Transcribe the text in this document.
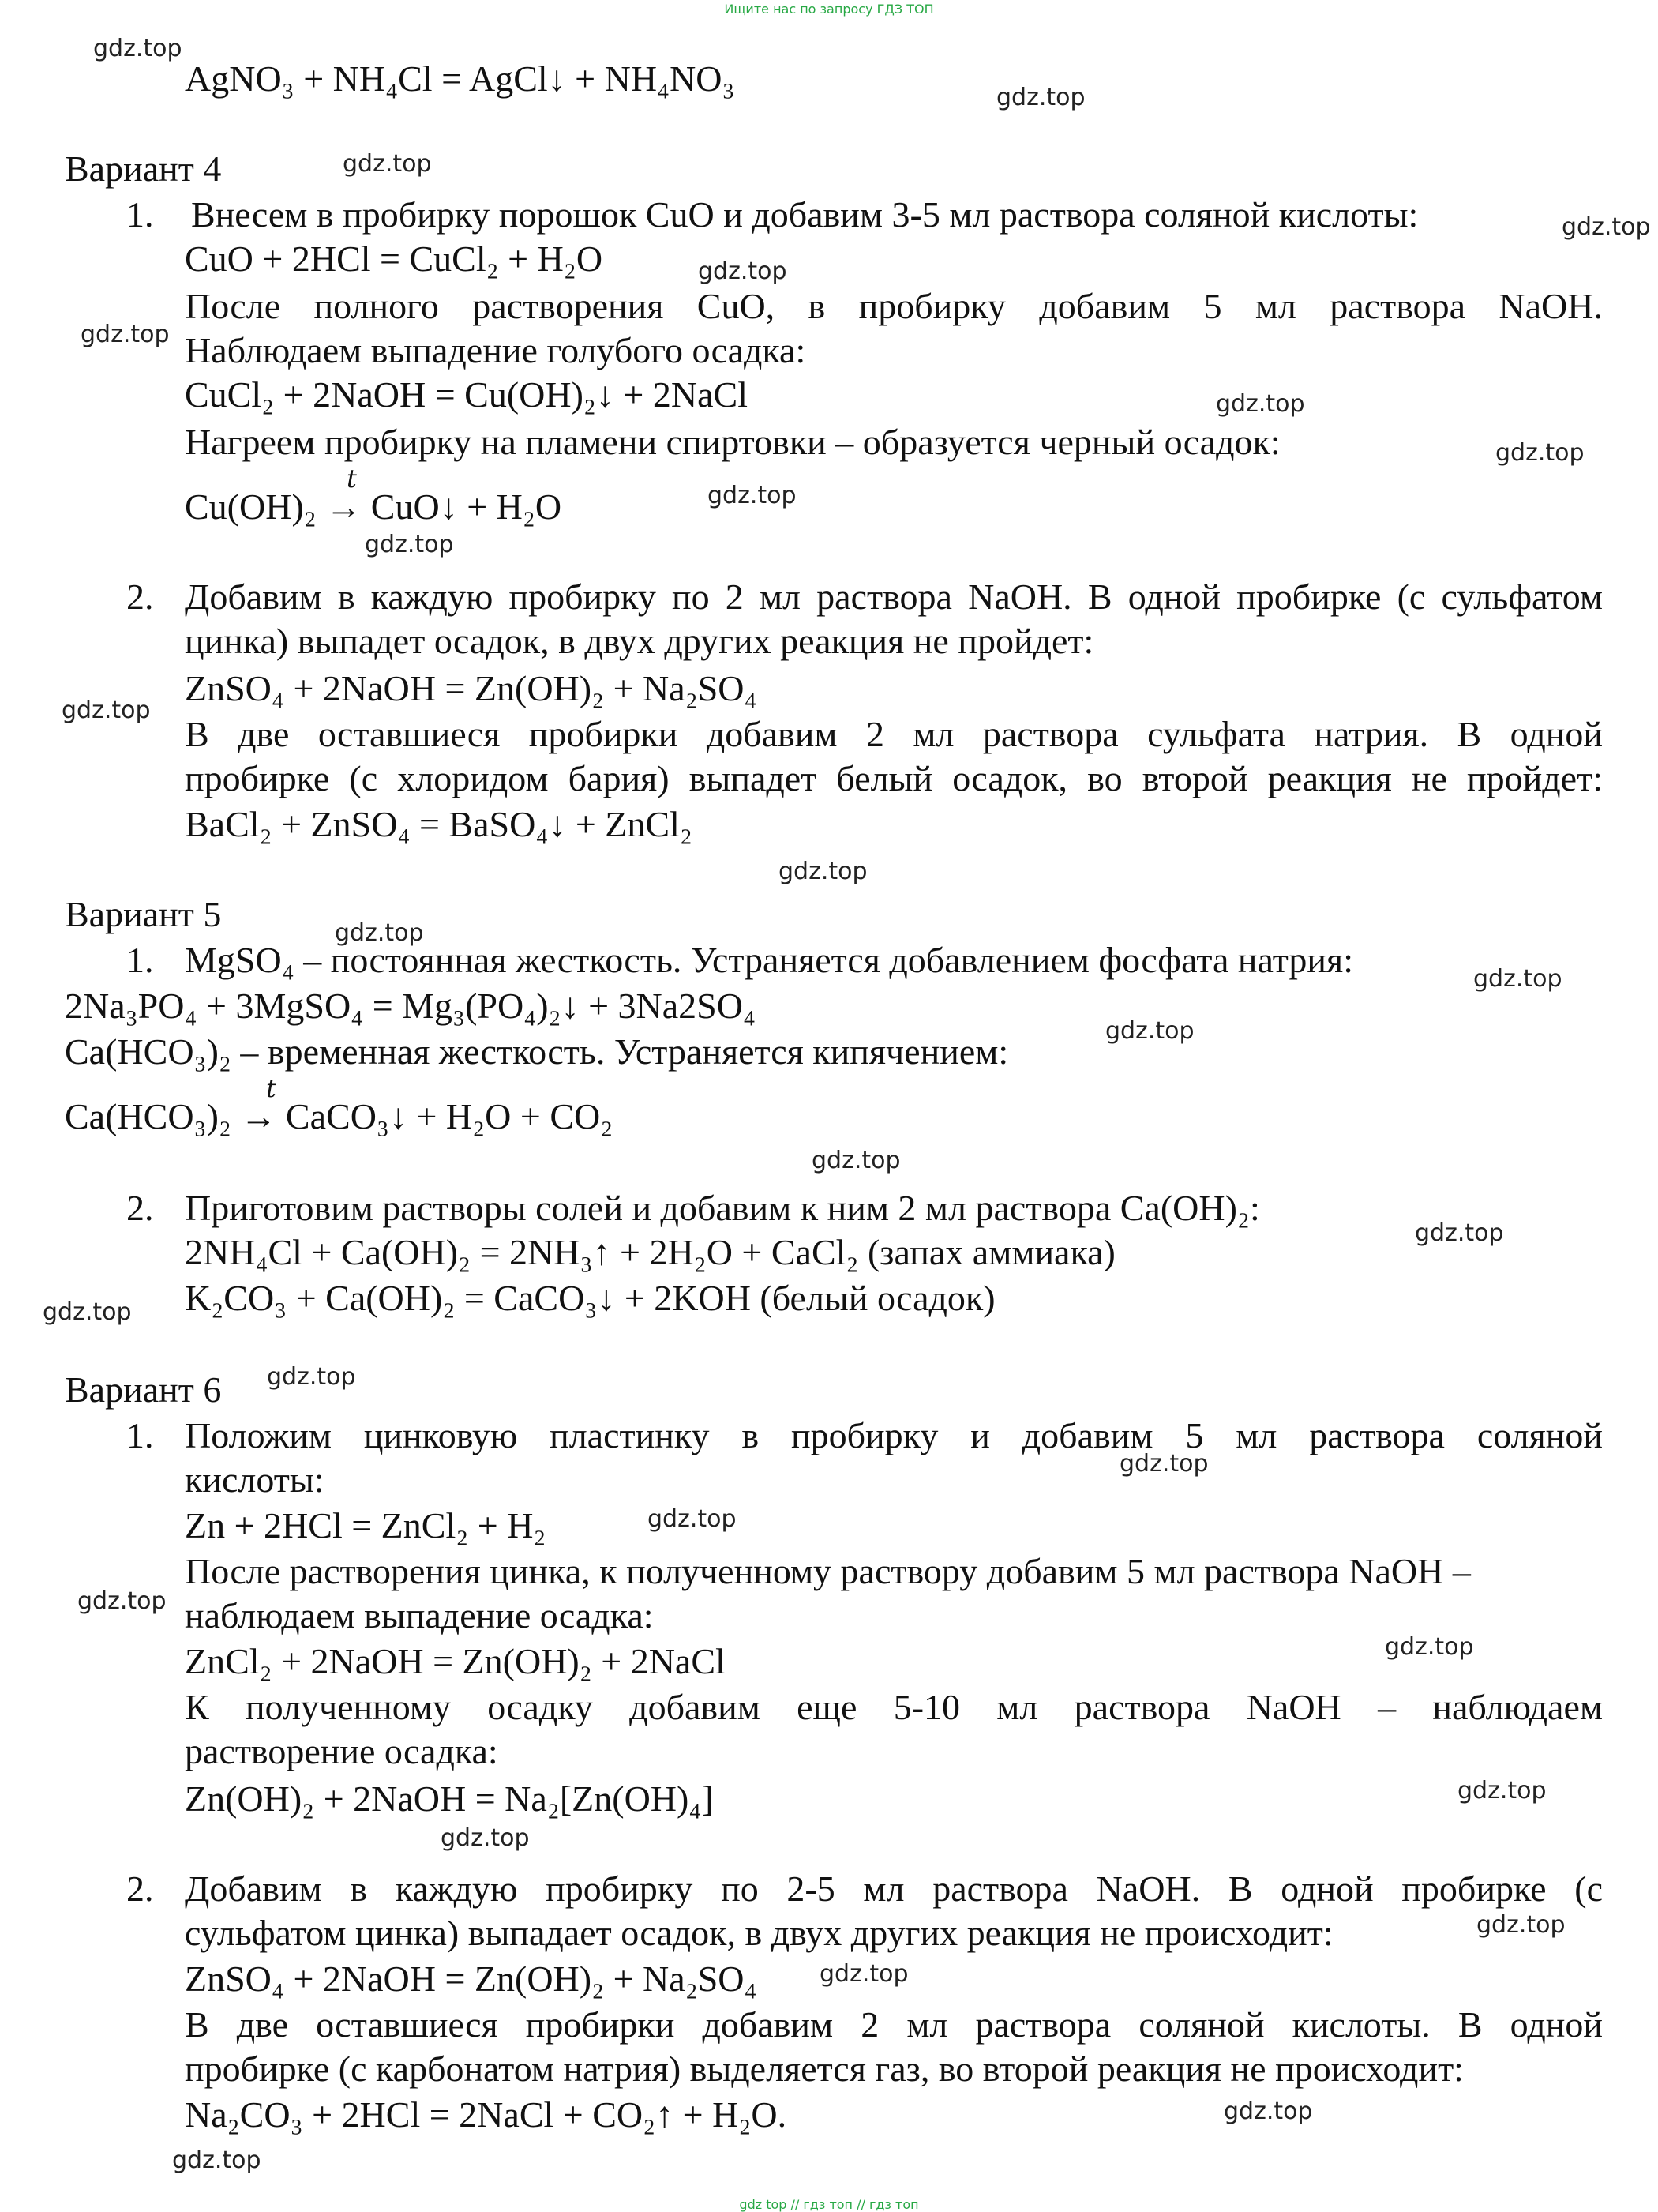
Ищите нас по запросу ГДЗ ТОП
gdz.top
gdz.top
gdz.top
gdz.top
gdz.top
gdz.top
gdz.top
gdz.top
gdz.top
gdz.top
gdz.top
gdz.top
gdz.top
gdz.top
gdz.top
gdz.top
gdz.top
gdz.top
gdz.top
gdz.top
gdz.top
gdz.top
gdz.top
gdz.top
gdz.top
gdz.top
gdz.top
gdz.top
gdz.top
AgNO₃ + NH₄Cl = AgCl↓ + NH₄NO₃
Вариант 4
1. Внесем в пробирку порошок CuO и добавим 3-5 мл раствора соляной кислоты:
CuO + 2HCl = CuCl₂ + H₂O
После полного растворения CuO, в пробирку добавим 5 мл раствора NaOH.
Наблюдаем выпадение голубого осадка:
CuCl₂ + 2NaOH = Cu(OH)₂↓ + 2NaCl
Нагреем пробирку на пламени спиртовки – образуется черный осадок:
t
Cu(OH)₂ → CuO↓ + H₂O
2. Добавим в каждую пробирку по 2 мл раствора NaOH. В одной пробирке (с сульфатом
цинка) выпадет осадок, в двух других реакция не пройдет:
ZnSO₄ + 2NaOH = Zn(OH)₂ + Na₂SO₄
В две оставшиеся пробирки добавим 2 мл раствора сульфата натрия. В одной
пробирке (с хлоридом бария) выпадет белый осадок, во второй реакция не пройдет:
BaCl₂ + ZnSO₄ = BaSO₄↓ + ZnCl₂
Вариант 5
1. MgSO₄ – постоянная жесткость. Устраняется добавлением фосфата натрия:
2Na₃PO₄ + 3MgSO₄ = Mg₃(PO₄)₂↓ + 3Na2SO₄
Ca(HCO₃)₂ – временная жесткость. Устраняется кипячением:
t
Ca(HCO₃)₂ → CaCO₃↓ + H₂O + CO₂
2. Приготовим растворы солей и добавим к ним 2 мл раствора Ca(OH)₂:
2NH₄Cl + Ca(OH)₂ = 2NH₃↑ + 2H₂O + CaCl₂ (запах аммиака)
K₂CO₃ + Ca(OH)₂ = CaCO₃↓ + 2KOH (белый осадок)
Вариант 6
1. Положим цинковую пластинку в пробирку и добавим 5 мл раствора соляной
кислоты:
Zn + 2HCl = ZnCl₂ + H₂
После растворения цинка, к полученному раствору добавим 5 мл раствора NaOH –
наблюдаем выпадение осадка:
ZnCl₂ + 2NaOH = Zn(OH)₂ + 2NaCl
К полученному осадку добавим еще 5-10 мл раствора NaOH – наблюдаем
растворение осадка:
Zn(OH)₂ + 2NaOH = Na₂[Zn(OH)₄]
2. Добавим в каждую пробирку по 2-5 мл раствора NaOH. В одной пробирке (с
сульфатом цинка) выпадает осадок, в двух других реакция не происходит:
ZnSO₄ + 2NaOH = Zn(OH)₂ + Na₂SO₄
В две оставшиеся пробирки добавим 2 мл раствора соляной кислоты. В одной
пробирке (с карбонатом натрия) выделяется газ, во второй реакция не происходит:
Na₂CO₃ + 2HCl = 2NaCl + CO₂↑ + H₂O.
gdz top // гдз топ // гдз топ
